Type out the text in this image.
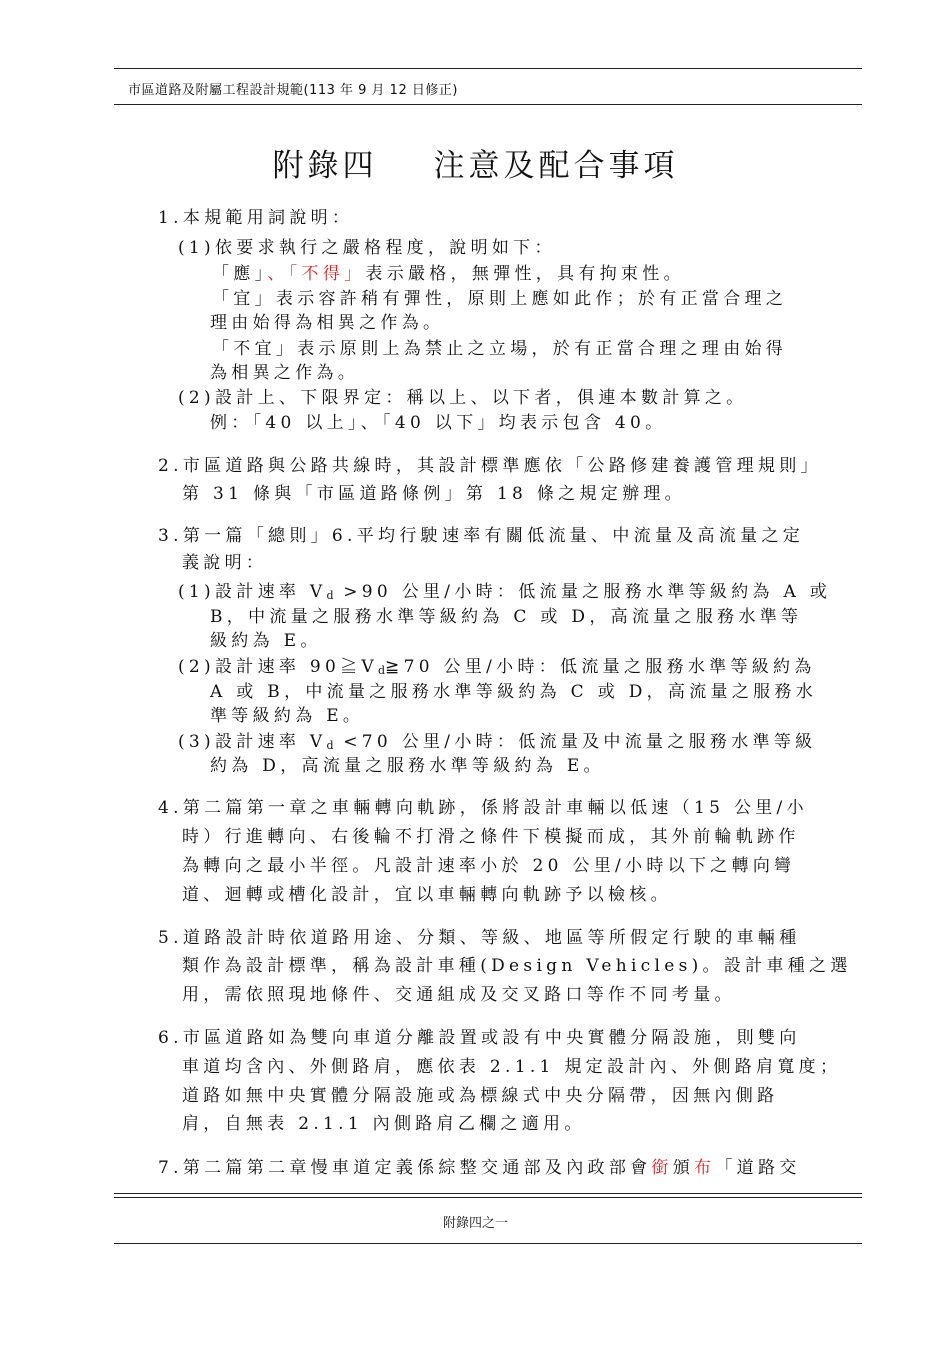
市區道路及附屬工程設計規範(113 年 9 月 12 日修正)
附錄四 注意及配合事項
1.本規範用詞說明：
(1)依要求執行之嚴格程度，說明如下：
「應」、「不得」表示嚴格，無彈性，具有拘束性。
「宜」表示容許稍有彈性，原則上應如此作；於有正當合理之
理由始得為相異之作為。
「不宜」表示原則上為禁止之立場，於有正當合理之理由始得
為相異之作為。
(2)設計上、下限界定：稱以上、以下者，俱連本數計算之。
例：「40 以上」、「40 以下」均表示包含 40。
2.市區道路與公路共線時，其設計標準應依「公路修建養護管理規則」
第 31 條與「市區道路條例」第 18 條之規定辦理。
3.第一篇「總則」6.平均行駛速率有關低流量、中流量及高流量之定
義說明：
(1)設計速率 $V_d >90$ 公里/小時：低流量之服務水準等級約為 A 或
B，中流量之服務水準等級約為 C 或 D，高流量之服務水準等
級約為 E。
(2)設計速率 $90≧V_d≧70$ 公里/小時：低流量之服務水準等級約為
A 或 B，中流量之服務水準等級約為 C 或 D，高流量之服務水
準等級約為 E。
(3)設計速率 $V_d <70$ 公里/小時：低流量及中流量之服務水準等級
約為 D，高流量之服務水準等級約為 E。
4.第二篇第一章之車輛轉向軌跡，係將設計車輛以低速（15 公里/小
時）行進轉向、右後輪不打滑之條件下模擬而成，其外前輪軌跡作
為轉向之最小半徑。凡設計速率小於 20 公里/小時以下之轉向彎
道、迴轉或槽化設計，宜以車輛轉向軌跡予以檢核。
5.道路設計時依道路用途、分類、等級、地區等所假定行駛的車輛種
類作為設計標準，稱為設計車種(Design Vehicles)。設計車種之選
用，需依照現地條件、交通組成及交叉路口等作不同考量。
6.市區道路如為雙向車道分離設置或設有中央實體分隔設施，則雙向
車道均含內、外側路肩，應依表 2.1.1 規定設計內、外側路肩寬度；
道路如無中央實體分隔設施或為標線式中央分隔帶，因無內側路
肩，自無表 2.1.1 內側路肩乙欄之適用。
7.第二篇第二章慢車道定義係綜整交通部及內政部會銜頒布「道路交
附錄四之一
